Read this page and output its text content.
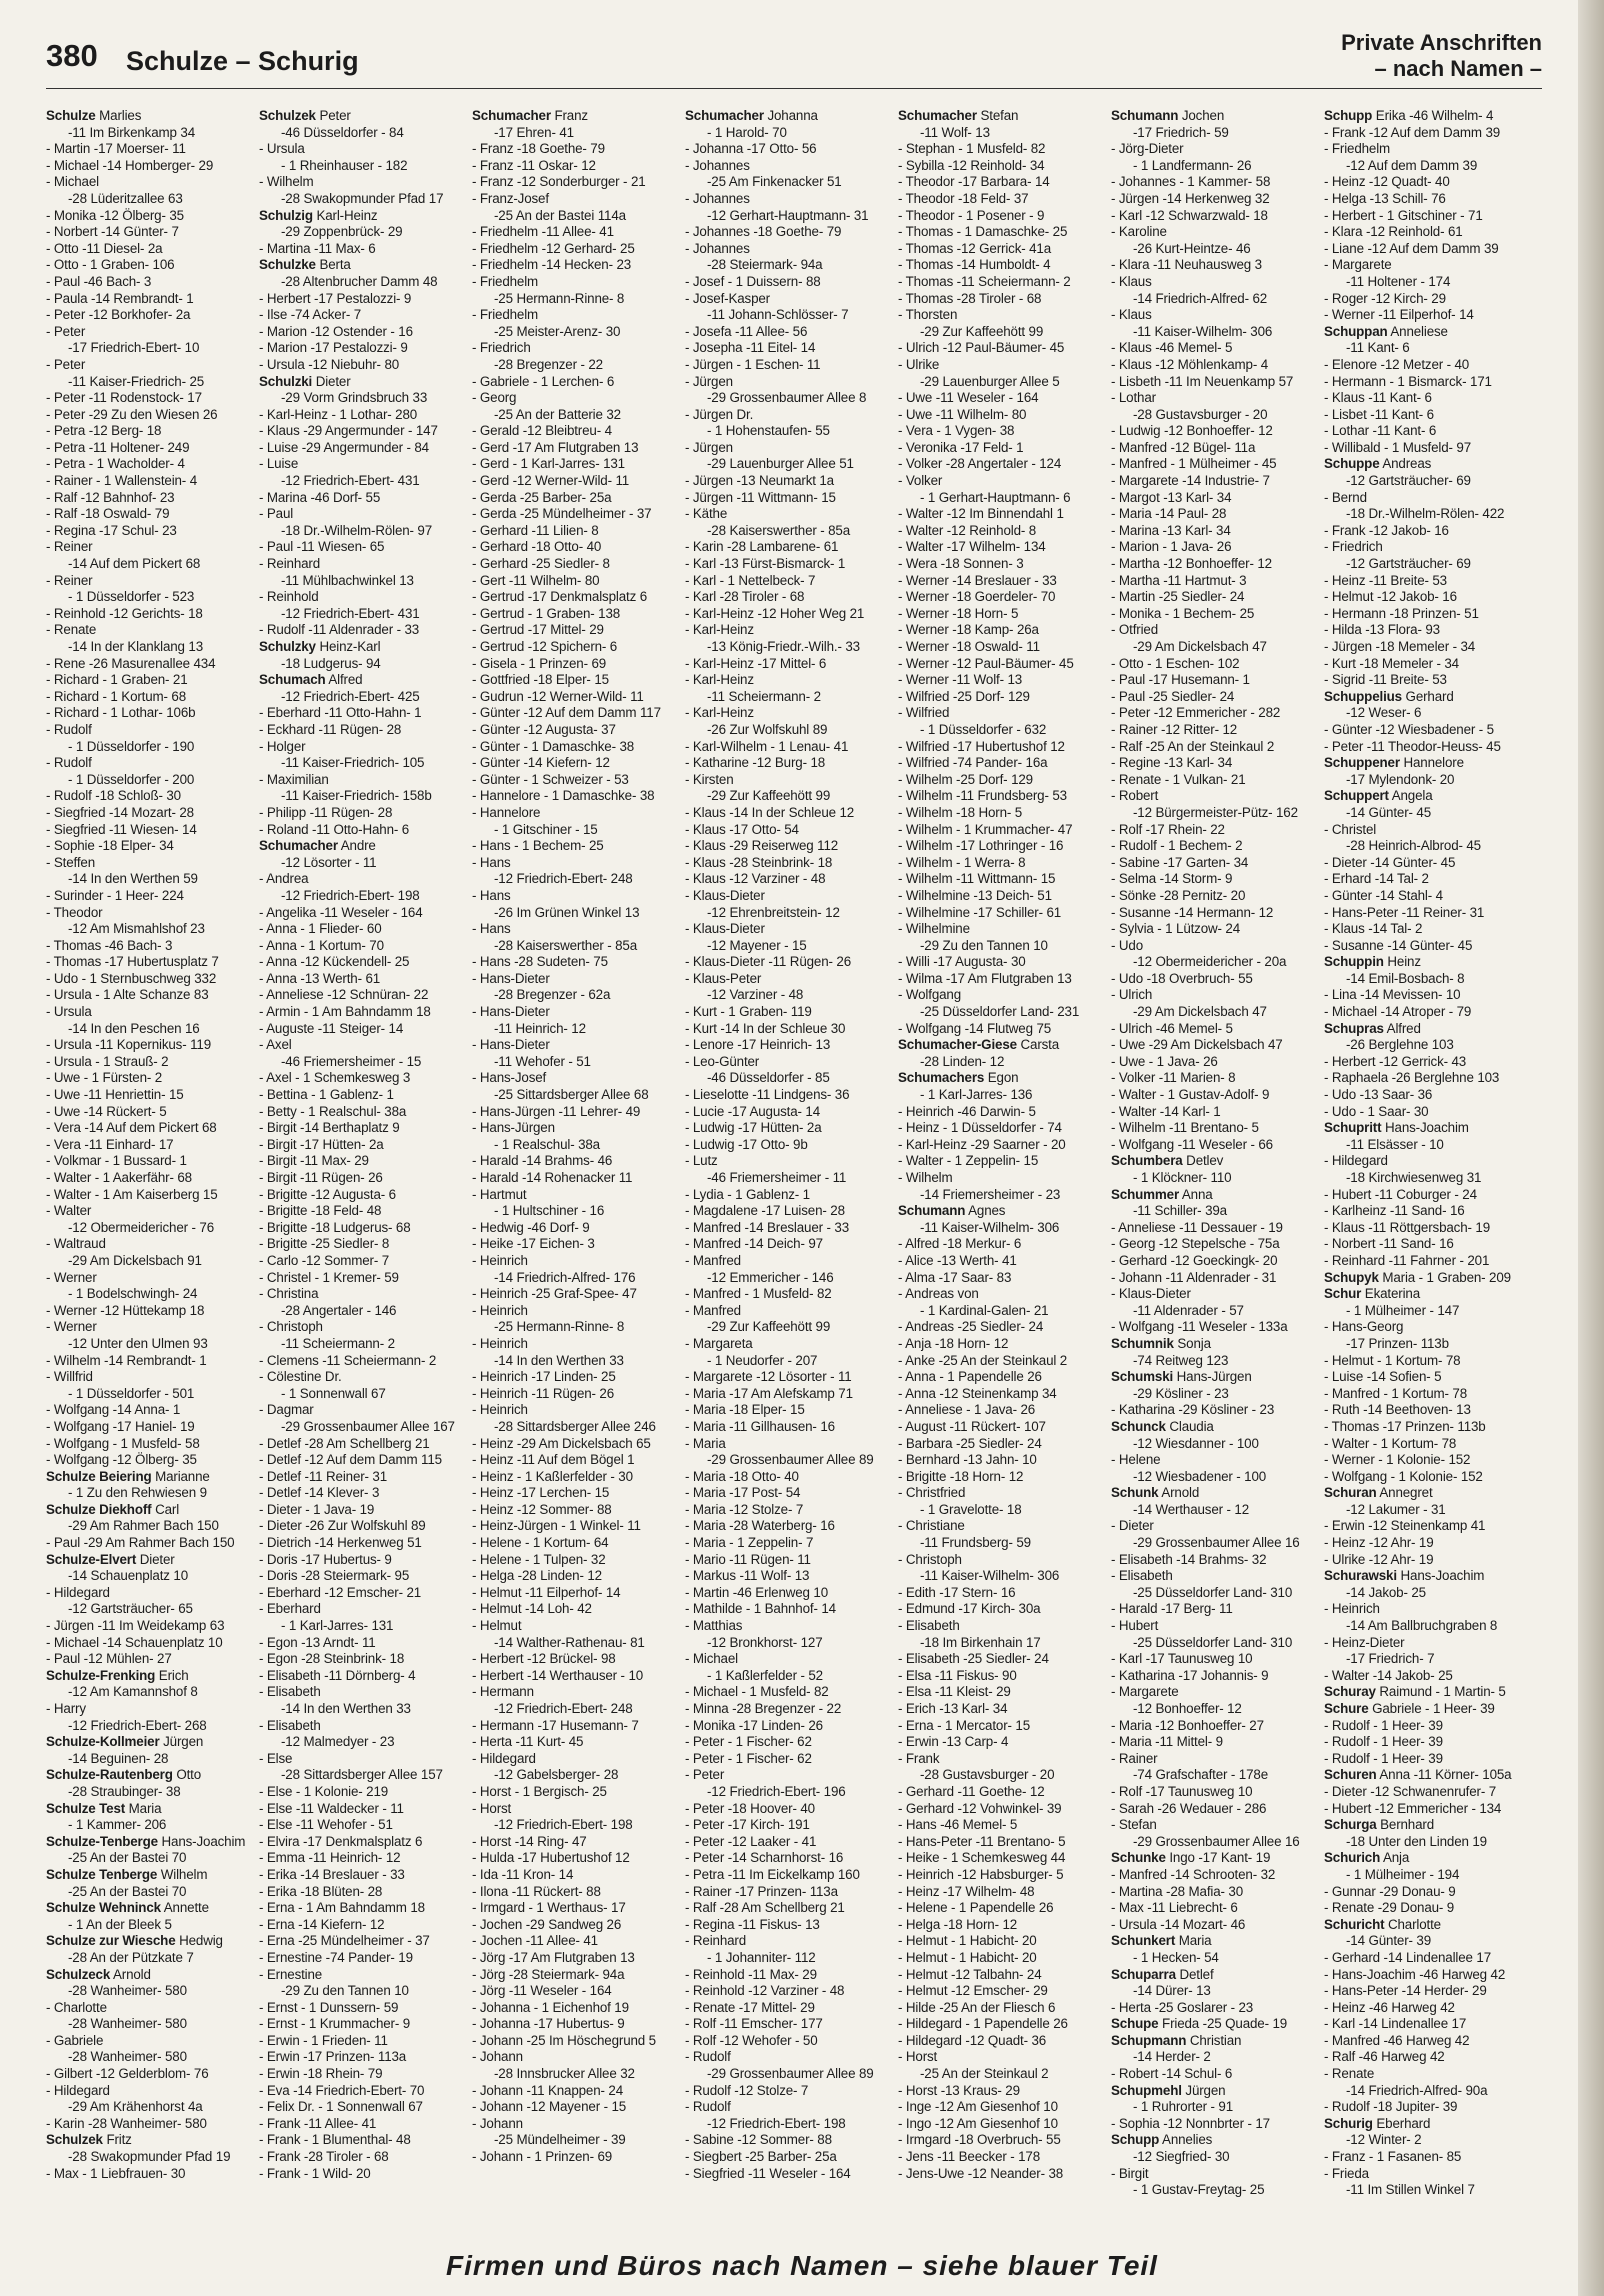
380 Schulze – Schurig
Private Anschriften
– nach Namen –
Schulze Marlies
-11 Im Birkenkamp 34
- Martin -17 Moerser- 11
- Michael -14 Homberger- 29
- Michael
-28 Lüderitzallee 63
- Monika -12 Ölberg- 35
- Norbert -14 Günter- 7
- Otto -11 Diesel- 2a
- Otto - 1 Graben- 106
- Paul -46 Bach- 3
- Paula -14 Rembrandt- 1
- Peter -12 Borkhofer- 2a
- Peter
-17 Friedrich-Ebert- 10
- Peter
-11 Kaiser-Friedrich- 25
- Peter -11 Rodenstock- 17
- Peter -29 Zu den Wiesen 26
- Petra -12 Berg- 18
- Petra -11 Holtener- 249
- Petra - 1 Wacholder- 4
- Rainer - 1 Wallenstein- 4
- Ralf -12 Bahnhof- 23
- Ralf -18 Oswald- 79
- Regina -17 Schul- 23
- Reiner
-14 Auf dem Pickert 68
- Reiner
- 1 Düsseldorfer - 523
- Reinhold -12 Gerichts- 18
- Renate
-14 In der Klanklang 13
- Rene -26 Masurenallee 434
- Richard - 1 Graben- 21
- Richard - 1 Kortum- 68
- Richard - 1 Lothar- 106b
- Rudolf
- 1 Düsseldorfer - 190
- Rudolf
- 1 Düsseldorfer - 200
- Rudolf -18 Schloß- 30
- Siegfried -14 Mozart- 28
- Siegfried -11 Wiesen- 14
- Sophie -18 Elper- 34
- Steffen
-14 In den Werthen 59
- Surinder - 1 Heer- 224
- Theodor
-12 Am Mismahlshof 23
- Thomas -46 Bach- 3
- Thomas -17 Hubertusplatz 7
- Udo - 1 Sternbuschweg 332
- Ursula - 1 Alte Schanze 83
- Ursula
-14 In den Peschen 16
- Ursula -11 Kopernikus- 119
- Ursula - 1 Strauß- 2
- Uwe - 1 Fürsten- 2
- Uwe -11 Henriettin- 15
- Uwe -14 Rückert- 5
- Vera -14 Auf dem Pickert 68
- Vera -11 Einhard- 17
- Volkmar - 1 Bussard- 1
- Walter - 1 Aakerfähr- 68
- Walter - 1 Am Kaiserberg 15
- Walter
-12 Obermeidericher - 76
- Waltraud
-29 Am Dickelsbach 91
- Werner
- 1 Bodelschwingh- 24
- Werner -12 Hüttekamp 18
- Werner
-12 Unter den Ulmen 93
- Wilhelm -14 Rembrandt- 1
- Willfrid
- 1 Düsseldorfer - 501
- Wolfgang -14 Anna- 1
- Wolfgang -17 Haniel- 19
- Wolfgang - 1 Musfeld- 58
- Wolfgang -12 Ölberg- 35
Schulze Beiering Marianne
- 1 Zu den Rehwiesen 9
Schulze Diekhoff Carl
-29 Am Rahmer Bach 150
- Paul -29 Am Rahmer Bach 150
Schulze-Elvert Dieter
-14 Schauenplatz 10
- Hildegard
-12 Gartsträucher- 65
- Jürgen -11 Im Weidekamp 63
- Michael -14 Schauenplatz 10
- Paul -12 Mühlen- 27
Schulze-Frenking Erich
-12 Am Kamannshof 8
- Harry
-12 Friedrich-Ebert- 268
Schulze-Kollmeier Jürgen
-14 Beguinen- 28
Schulze-Rautenberg Otto
-28 Straubinger- 38
Schulze Test Maria
- 1 Kammer- 206
Schulze-Tenberge Hans-Joachim
-25 An der Bastei 70
Schulze Tenberge Wilhelm
-25 An der Bastei 70
Schulze Wehninck Annette
- 1 An der Bleek 5
Schulze zur Wiesche Hedwig
-28 An der Pützkate 7
Schulzeck Arnold
-28 Wanheimer- 580
- Charlotte
-28 Wanheimer- 580
- Gabriele
-28 Wanheimer- 580
- Gilbert -12 Gelderblom- 76
- Hildegard
-29 Am Krähenhorst 4a
- Karin -28 Wanheimer- 580
Schulzek Fritz
-28 Swakopmunder Pfad 19
- Max - 1 Liebfrauen- 30
Schulzek Peter
-46 Düsseldorfer - 84
- Ursula
- 1 Rheinhauser - 182
- Wilhelm
-28 Swakopmunder Pfad 17
Schulzig Karl-Heinz
-29 Zoppenbrück- 29
- Martina -11 Max- 6
Schulzke Berta
-28 Altenbrucher Damm 48
- Herbert -17 Pestalozzi- 9
- Ilse -74 Acker- 7
- Marion -12 Ostender - 16
- Marion -17 Pestalozzi- 9
- Ursula -12 Niebuhr- 80
Schulzki Dieter
-29 Vorm Grindsbruch 33
- Karl-Heinz - 1 Lothar- 280
- Klaus -29 Angermunder - 147
- Luise -29 Angermunder - 84
- Luise
-12 Friedrich-Ebert- 431
- Marina -46 Dorf- 55
- Paul
-18 Dr.-Wilhelm-Rölen- 97
- Paul -11 Wiesen- 65
- Reinhard
-11 Mühlbachwinkel 13
- Reinhold
-12 Friedrich-Ebert- 431
- Rudolf -11 Aldenrader - 33
Schulzky Heinz-Karl
-18 Ludgerus- 94
Schumach Alfred
-12 Friedrich-Ebert- 425
- Eberhard -11 Otto-Hahn- 1
- Eckhard -11 Rügen- 28
- Holger
-11 Kaiser-Friedrich- 105
- Maximilian
-11 Kaiser-Friedrich- 158b
- Philipp -11 Rügen- 28
- Roland -11 Otto-Hahn- 6
Schumacher Andre
-12 Lösorter - 11
- Andrea
-12 Friedrich-Ebert- 198
- Angelika -11 Weseler - 164
- Anna - 1 Flieder- 60
- Anna - 1 Kortum- 70
- Anna -12 Kückendell- 25
- Anna -13 Werth- 61
- Anneliese -12 Schnüran- 22
- Armin - 1 Am Bahndamm 18
- Auguste -11 Steiger- 14
- Axel
-46 Friemersheimer - 15
- Axel - 1 Schemkesweg 3
- Bettina - 1 Gablenz- 1
- Betty - 1 Realschul- 38a
- Birgit -14 Berthaplatz 9
- Birgit -17 Hütten- 2a
- Birgit -11 Max- 29
- Birgit -11 Rügen- 26
- Brigitte -12 Augusta- 6
- Brigitte -18 Feld- 48
- Brigitte -18 Ludgerus- 68
- Brigitte -25 Siedler- 8
- Carlo -12 Sommer- 7
- Christel - 1 Kremer- 59
- Christina
-28 Angertaler - 146
- Christoph
-11 Scheiermann- 2
- Clemens -11 Scheiermann- 2
- Cölestine Dr.
- 1 Sonnenwall 67
- Dagmar
-29 Grossenbaumer Allee 167
- Detlef -28 Am Schellberg 21
- Detlef -12 Auf dem Damm 115
- Detlef -11 Reiner- 31
- Detlef -14 Klever- 3
- Dieter - 1 Java- 19
- Dieter -26 Zur Wolfskuhl 89
- Dietrich -14 Herkenweg 51
- Doris -17 Hubertus- 9
- Doris -28 Steiermark- 95
- Eberhard -12 Emscher- 21
- Eberhard
- 1 Karl-Jarres- 131
- Egon -13 Arndt- 11
- Egon -28 Steinbrink- 18
- Elisabeth -11 Dörnberg- 4
- Elisabeth
-14 In den Werthen 33
- Elisabeth
-12 Malmedyer - 23
- Else
-28 Sittardsberger Allee 157
- Else - 1 Kolonie- 219
- Else -11 Waldecker - 11
- Else -11 Wehofer - 51
- Elvira -17 Denkmalsplatz 6
- Emma -11 Heinrich- 12
- Erika -14 Breslauer - 33
- Erika -18 Blüten- 28
- Erna - 1 Am Bahndamm 18
- Erna -14 Kiefern- 12
- Erna -25 Mündelheimer - 37
- Ernestine -74 Pander- 19
- Ernestine
-29 Zu den Tannen 10
- Ernst - 1 Dunssern- 59
- Ernst - 1 Krummacher- 9
- Erwin - 1 Frieden- 11
- Erwin -17 Prinzen- 113a
- Erwin -18 Rhein- 79
- Eva -14 Friedrich-Ebert- 70
- Felix Dr. - 1 Sonnenwall 67
- Frank -11 Allee- 41
- Frank - 1 Blumenthal- 48
- Frank -28 Tiroler - 68
- Frank - 1 Wild- 20
Schumacher Franz
-17 Ehren- 41
- Franz -18 Goethe- 79
- Franz -11 Oskar- 12
- Franz -12 Sonderburger - 21
- Franz-Josef
-25 An der Bastei 114a
- Friedhelm -11 Allee- 41
- Friedhelm -12 Gerhard- 25
- Friedhelm -14 Hecken- 23
- Friedhelm
-25 Hermann-Rinne- 8
- Friedhelm
-25 Meister-Arenz- 30
- Friedrich
-28 Bregenzer - 22
- Gabriele - 1 Lerchen- 6
- Georg
-25 An der Batterie 32
- Gerald -12 Bleibtreu- 4
- Gerd -17 Am Flutgraben 13
- Gerd - 1 Karl-Jarres- 131
- Gerd -12 Werner-Wild- 11
- Gerda -25 Barber- 25a
- Gerda -25 Mündelheimer - 37
- Gerhard -11 Lilien- 8
- Gerhard -18 Otto- 40
- Gerhard -25 Siedler- 8
- Gert -11 Wilhelm- 80
- Gertrud -17 Denkmalsplatz 6
- Gertrud - 1 Graben- 138
- Gertrud -17 Mittel- 29
- Gertrud -12 Spichern- 6
- Gisela - 1 Prinzen- 69
- Gottfried -18 Elper- 15
- Gudrun -12 Werner-Wild- 11
- Günter -12 Auf dem Damm 117
- Günter -12 Augusta- 37
- Günter - 1 Damaschke- 38
- Günter -14 Kiefern- 12
- Günter - 1 Schweizer - 53
- Hannelore - 1 Damaschke- 38
- Hannelore
- 1 Gitschiner - 15
- Hans - 1 Bechem- 25
- Hans
-12 Friedrich-Ebert- 248
- Hans
-26 Im Grünen Winkel 13
- Hans
-28 Kaiserswerther - 85a
- Hans -28 Sudeten- 75
- Hans-Dieter
-28 Bregenzer - 62a
- Hans-Dieter
-11 Heinrich- 12
- Hans-Dieter
-11 Wehofer - 51
- Hans-Josef
-25 Sittardsberger Allee 68
- Hans-Jürgen -11 Lehrer- 49
- Hans-Jürgen
- 1 Realschul- 38a
- Harald -14 Brahms- 46
- Harald -14 Rohenacker 11
- Hartmut
- 1 Hultschiner - 16
- Hedwig -46 Dorf- 9
- Heike -17 Eichen- 3
- Heinrich
-14 Friedrich-Alfred- 176
- Heinrich -25 Graf-Spee- 47
- Heinrich
-25 Hermann-Rinne- 8
- Heinrich
-14 In den Werthen 33
- Heinrich -17 Linden- 25
- Heinrich -11 Rügen- 26
- Heinrich
-28 Sittardsberger Allee 246
- Heinz -29 Am Dickelsbach 65
- Heinz -11 Auf dem Bögel 1
- Heinz - 1 Kaßlerfelder - 30
- Heinz -17 Lerchen- 15
- Heinz -12 Sommer- 88
- Heinz-Jürgen - 1 Winkel- 11
- Helene - 1 Kortum- 64
- Helene - 1 Tulpen- 32
- Helga -28 Linden- 12
- Helmut -11 Eilperhof- 14
- Helmut -14 Loh- 42
- Helmut
-14 Walther-Rathenau- 81
- Herbert -12 Brückel- 98
- Herbert -14 Werthauser - 10
- Hermann
-12 Friedrich-Ebert- 248
- Hermann -17 Husemann- 7
- Herta -11 Kurt- 45
- Hildegard
-12 Gabelsberger- 28
- Horst - 1 Bergisch- 25
- Horst
-12 Friedrich-Ebert- 198
- Horst -14 Ring- 47
- Hulda -17 Hubertushof 12
- Ida -11 Kron- 14
- Ilona -11 Rückert- 88
- Irmgard - 1 Werthaus- 17
- Jochen -29 Sandweg 26
- Jochen -11 Allee- 41
- Jörg -17 Am Flutgraben 13
- Jörg -28 Steiermark- 94a
- Jörg -11 Weseler - 164
- Johanna - 1 Eichenhof 19
- Johanna -17 Hubertus- 9
- Johann -25 Im Höschegrund 5
- Johann
-28 Innsbrucker Allee 32
- Johann -11 Knappen- 24
- Johann -12 Mayener - 15
- Johann
-25 Mündelheimer - 39
- Johann - 1 Prinzen- 69
Schumacher Johanna
- 1 Harold- 70
- Johanna -17 Otto- 56
- Johannes
-25 Am Finkenacker 51
- Johannes
-12 Gerhart-Hauptmann- 31
- Johannes -18 Goethe- 79
- Johannes
-28 Steiermark- 94a
- Josef - 1 Duissern- 88
- Josef-Kasper
-11 Johann-Schlösser- 7
- Josefa -11 Allee- 56
- Josepha -11 Eitel- 14
- Jürgen - 1 Eschen- 11
- Jürgen
-29 Grossenbaumer Allee 8
- Jürgen Dr.
- 1 Hohenstaufen- 55
- Jürgen
-29 Lauenburger Allee 51
- Jürgen -13 Neumarkt 1a
- Jürgen -11 Wittmann- 15
- Käthe
-28 Kaiserswerther - 85a
- Karin -28 Lambarene- 61
- Karl -13 Fürst-Bismarck- 1
- Karl - 1 Nettelbeck- 7
- Karl -28 Tiroler - 68
- Karl-Heinz -12 Hoher Weg 21
- Karl-Heinz
-13 König-Friedr.-Wilh.- 33
- Karl-Heinz -17 Mittel- 6
- Karl-Heinz
-11 Scheiermann- 2
- Karl-Heinz
-26 Zur Wolfskuhl 89
- Karl-Wilhelm - 1 Lenau- 41
- Katharine -12 Burg- 18
- Kirsten
-29 Zur Kaffeehött 99
- Klaus -14 In der Schleue 12
- Klaus -17 Otto- 54
- Klaus -29 Reiserweg 112
- Klaus -28 Steinbrink- 18
- Klaus -12 Varziner - 48
- Klaus-Dieter
-12 Ehrenbreitstein- 12
- Klaus-Dieter
-12 Mayener - 15
- Klaus-Dieter -11 Rügen- 26
- Klaus-Peter
-12 Varziner - 48
- Kurt - 1 Graben- 119
- Kurt -14 In der Schleue 30
- Lenore -17 Heinrich- 13
- Leo-Günter
-46 Düsseldorfer - 85
- Lieselotte -11 Lindgens- 36
- Lucie -17 Augusta- 14
- Ludwig -17 Hütten- 2a
- Ludwig -17 Otto- 9b
- Lutz
-46 Friemersheimer - 11
- Lydia - 1 Gablenz- 1
- Magdalene -17 Luisen- 28
- Manfred -14 Breslauer - 33
- Manfred -14 Deich- 97
- Manfred
-12 Emmericher - 146
- Manfred - 1 Musfeld- 82
- Manfred
-29 Zur Kaffeehött 99
- Margareta
- 1 Neudorfer - 207
- Margarete -12 Lösorter - 11
- Maria -17 Am Alefskamp 71
- Maria -18 Elper- 15
- Maria -11 Gillhausen- 16
- Maria
-29 Grossenbaumer Allee 89
- Maria -18 Otto- 40
- Maria -17 Post- 54
- Maria -12 Stolze- 7
- Maria -28 Waterberg- 16
- Maria - 1 Zeppelin- 7
- Mario -11 Rügen- 11
- Markus -11 Wolf- 13
- Martin -46 Erlenweg 10
- Mathilde - 1 Bahnhof- 14
- Matthias
-12 Bronkhorst- 127
- Michael
- 1 Kaßlerfelder - 52
- Michael - 1 Musfeld- 82
- Minna -28 Bregenzer - 22
- Monika -17 Linden- 26
- Peter - 1 Fischer- 62
- Peter - 1 Fischer- 62
- Peter
-12 Friedrich-Ebert- 196
- Peter -18 Hoover- 40
- Peter -17 Kirch- 191
- Peter -12 Laaker - 41
- Peter -14 Scharnhorst- 16
- Petra -11 Im Eickelkamp 160
- Rainer -17 Prinzen- 113a
- Ralf -28 Am Schellberg 21
- Regina -11 Fiskus- 13
- Reinhard
- 1 Johanniter- 112
- Reinhold -11 Max- 29
- Reinhold -12 Varziner - 48
- Renate -17 Mittel- 29
- Rolf -11 Emscher- 177
- Rolf -12 Wehofer - 50
- Rudolf
-29 Grossenbaumer Allee 89
- Rudolf -12 Stolze- 7
- Rudolf
-12 Friedrich-Ebert- 198
- Sabine -12 Sommer- 88
- Siegbert -25 Barber- 25a
- Siegfried -11 Weseler - 164
Schumacher Stefan
-11 Wolf- 13
- Stephan - 1 Musfeld- 82
- Sybilla -12 Reinhold- 34
- Theodor -17 Barbara- 14
- Theodor -18 Feld- 37
- Theodor - 1 Posener - 9
- Thomas - 1 Damaschke- 25
- Thomas -12 Gerrick- 41a
- Thomas -14 Humboldt- 4
- Thomas -11 Scheiermann- 2
- Thomas -28 Tiroler - 68
- Thorsten
-29 Zur Kaffeehött 99
- Ulrich -12 Paul-Bäumer- 45
- Ulrike
-29 Lauenburger Allee 5
- Uwe -11 Weseler - 164
- Uwe -11 Wilhelm- 80
- Vera - 1 Vygen- 38
- Veronika -17 Feld- 1
- Volker -28 Angertaler - 124
- Volker
- 1 Gerhart-Hauptmann- 6
- Walter -12 Im Binnendahl 1
- Walter -12 Reinhold- 8
- Walter -17 Wilhelm- 134
- Wera -18 Sonnen- 3
- Werner -14 Breslauer - 33
- Werner -18 Goerdeler- 70
- Werner -18 Horn- 5
- Werner -18 Kamp- 26a
- Werner -18 Oswald- 11
- Werner -12 Paul-Bäumer- 45
- Werner -11 Wolf- 13
- Wilfried -25 Dorf- 129
- Wilfried
- 1 Düsseldorfer - 632
- Wilfried -17 Hubertushof 12
- Wilfried -74 Pander- 16a
- Wilhelm -25 Dorf- 129
- Wilhelm -11 Frundsberg- 53
- Wilhelm -18 Horn- 5
- Wilhelm - 1 Krummacher- 47
- Wilhelm -17 Lothringer - 16
- Wilhelm - 1 Werra- 8
- Wilhelm -11 Wittmann- 15
- Wilhelmine -13 Deich- 51
- Wilhelmine -17 Schiller- 61
- Wilhelmine
-29 Zu den Tannen 10
- Willi -17 Augusta- 30
- Wilma -17 Am Flutgraben 13
- Wolfgang
-25 Düsseldorfer Land- 231
- Wolfgang -14 Flutweg 75
Schumacher-Giese Carsta
-28 Linden- 12
Schumachers Egon
- 1 Karl-Jarres- 136
- Heinrich -46 Darwin- 5
- Heinz - 1 Düsseldorfer - 74
- Karl-Heinz -29 Saarner - 20
- Walter - 1 Zeppelin- 15
- Wilhelm
-14 Friemersheimer - 23
Schumann Agnes
-11 Kaiser-Wilhelm- 306
- Alfred -18 Merkur- 6
- Alice -13 Werth- 41
- Alma -17 Saar- 83
- Andreas von
- 1 Kardinal-Galen- 21
- Andreas -25 Siedler- 24
- Anja -18 Horn- 12
- Anke -25 An der Steinkaul 2
- Anna - 1 Papendelle 26
- Anna -12 Steinenkamp 34
- Anneliese - 1 Java- 26
- August -11 Rückert- 107
- Barbara -25 Siedler- 24
- Bernhard -13 Jahn- 10
- Brigitte -18 Horn- 12
- Christfried
- 1 Gravelotte- 18
- Christiane
-11 Frundsberg- 59
- Christoph
-11 Kaiser-Wilhelm- 306
- Edith -17 Stern- 16
- Edmund -17 Kirch- 30a
- Elisabeth
-18 Im Birkenhain 17
- Elisabeth -25 Siedler- 24
- Elsa -11 Fiskus- 90
- Elsa -11 Kleist- 29
- Erich -13 Karl- 34
- Erna - 1 Mercator- 15
- Erwin -13 Carp- 4
- Frank
-28 Gustavsburger - 20
- Gerhard -11 Goethe- 12
- Gerhard -12 Vohwinkel- 39
- Hans -46 Memel- 5
- Hans-Peter -11 Brentano- 5
- Heike - 1 Schemkesweg 44
- Heinrich -12 Habsburger- 5
- Heinz -17 Wilhelm- 48
- Helene - 1 Papendelle 26
- Helga -18 Horn- 12
- Helmut - 1 Habicht- 20
- Helmut - 1 Habicht- 20
- Helmut -12 Talbahn- 24
- Helmut -12 Emscher- 29
- Hilde -25 An der Fliesch 6
- Hildegard - 1 Papendelle 26
- Hildegard -12 Quadt- 36
- Horst
-25 An der Steinkaul 2
- Horst -13 Kraus- 29
- Inge -12 Am Giesenhof 10
- Ingo -12 Am Giesenhof 10
- Irmgard -18 Overbruch- 55
- Jens -11 Beecker - 178
- Jens-Uwe -12 Neander- 38
Schumann Jochen
-17 Friedrich- 59
- Jörg-Dieter
- 1 Landfermann- 26
- Johannes - 1 Kammer- 58
- Jürgen -14 Herkenweg 32
- Karl -12 Schwarzwald- 18
- Karoline
-26 Kurt-Heintze- 46
- Klara -11 Neuhausweg 3
- Klaus
-14 Friedrich-Alfred- 62
- Klaus
-11 Kaiser-Wilhelm- 306
- Klaus -46 Memel- 5
- Klaus -12 Möhlenkamp- 4
- Lisbeth -11 Im Neuenkamp 57
- Lothar
-28 Gustavsburger - 20
- Ludwig -12 Bonhoeffer- 12
- Manfred -12 Bügel- 11a
- Manfred - 1 Mülheimer - 45
- Margarete -14 Industrie- 7
- Margot -13 Karl- 34
- Maria -14 Paul- 28
- Marina -13 Karl- 34
- Marion - 1 Java- 26
- Martha -12 Bonhoeffer- 12
- Martha -11 Hartmut- 3
- Martin -25 Siedler- 24
- Monika - 1 Bechem- 25
- Otfried
-29 Am Dickelsbach 47
- Otto - 1 Eschen- 102
- Paul -17 Husemann- 1
- Paul -25 Siedler- 24
- Peter -12 Emmericher - 282
- Rainer -12 Ritter- 12
- Ralf -25 An der Steinkaul 2
- Regine -13 Karl- 34
- Renate - 1 Vulkan- 21
- Robert
-12 Bürgermeister-Pütz- 162
- Rolf -17 Rhein- 22
- Rudolf - 1 Bechem- 2
- Sabine -17 Garten- 34
- Selma -14 Storm- 9
- Sönke -28 Pernitz- 20
- Susanne -14 Hermann- 12
- Sylvia - 1 Lützow- 24
- Udo
-12 Obermeidericher - 20a
- Udo -18 Overbruch- 55
- Ulrich
-29 Am Dickelsbach 47
- Ulrich -46 Memel- 5
- Uwe -29 Am Dickelsbach 47
- Uwe - 1 Java- 26
- Volker -11 Marien- 8
- Walter - 1 Gustav-Adolf- 9
- Walter -14 Karl- 1
- Wilhelm -11 Brentano- 5
- Wolfgang -11 Weseler - 66
Schumbera Detlev
- 1 Klöckner- 110
Schummer Anna
-11 Schiller- 39a
- Anneliese -11 Dessauer - 19
- Georg -12 Stepelsche - 75a
- Gerhard -12 Goeckingk- 20
- Johann -11 Aldenrader - 31
- Klaus-Dieter
-11 Aldenrader - 57
- Wolfgang -11 Weseler - 133a
Schumnik Sonja
-74 Reitweg 123
Schumski Hans-Jürgen
-29 Kösliner - 23
- Katharina -29 Kösliner - 23
Schunck Claudia
-12 Wiesdanner - 100
- Helene
-12 Wiesbadener - 100
Schunk Arnold
-14 Werthauser - 12
- Dieter
-29 Grossenbaumer Allee 16
- Elisabeth -14 Brahms- 32
- Elisabeth
-25 Düsseldorfer Land- 310
- Harald -17 Berg- 11
- Hubert
-25 Düsseldorfer Land- 310
- Karl -17 Taunusweg 10
- Katharina -17 Johannis- 9
- Margarete
-12 Bonhoeffer- 12
- Maria -12 Bonhoeffer- 27
- Maria -11 Mittel- 9
- Rainer
-74 Grafschafter - 178e
- Rolf -17 Taunusweg 10
- Sarah -26 Wedauer - 286
- Stefan
-29 Grossenbaumer Allee 16
Schunke Ingo -17 Kant- 19
- Manfred -14 Schrooten- 32
- Martina -28 Mafia- 30
- Max -11 Liebrecht- 6
- Ursula -14 Mozart- 46
Schunkert Maria
- 1 Hecken- 54
Schuparra Detlef
-14 Dürer- 13
- Herta -25 Goslarer - 23
Schupe Frieda -25 Quade- 19
Schupmann Christian
-14 Herder- 2
- Robert -14 Schul- 6
Schupmehl Jürgen
- 1 Ruhrorter - 91
- Sophia -12 Nonnbrter - 17
Schupp Annelies
-12 Siegfried- 30
- Birgit
- 1 Gustav-Freytag- 25
Schupp Erika -46 Wilhelm- 4
- Frank -12 Auf dem Damm 39
- Friedhelm
-12 Auf dem Damm 39
- Heinz -12 Quadt- 40
- Helga -13 Schill- 76
- Herbert - 1 Gitschiner - 71
- Klara -12 Reinhold- 61
- Liane -12 Auf dem Damm 39
- Margarete
-11 Holtener - 174
- Roger -12 Kirch- 29
- Werner -11 Eilperhof- 14
Schuppan Anneliese
-11 Kant- 6
- Elenore -12 Metzer - 40
- Hermann - 1 Bismarck- 171
- Klaus -11 Kant- 6
- Lisbet -11 Kant- 6
- Lothar -11 Kant- 6
- Willibald - 1 Musfeld- 97
Schuppe Andreas
-12 Gartsträucher- 69
- Bernd
-18 Dr.-Wilhelm-Rölen- 422
- Frank -12 Jakob- 16
- Friedrich
-12 Gartsträucher- 69
- Heinz -11 Breite- 53
- Helmut -12 Jakob- 16
- Hermann -18 Prinzen- 51
- Hilda -13 Flora- 93
- Jürgen -18 Memeler - 34
- Kurt -18 Memeler - 34
- Sigrid -11 Breite- 53
Schuppelius Gerhard
-12 Weser- 6
- Günter -12 Wiesbadener - 5
- Peter -11 Theodor-Heuss- 45
Schuppener Hannelore
-17 Mylendonk- 20
Schuppert Angela
-14 Günter- 45
- Christel
-28 Heinrich-Albrod- 45
- Dieter -14 Günter- 45
- Erhard -14 Tal- 2
- Günter -14 Stahl- 4
- Hans-Peter -11 Reiner- 31
- Klaus -14 Tal- 2
- Susanne -14 Günter- 45
Schuppin Heinz
-14 Emil-Bosbach- 8
- Lina -14 Mevissen- 10
- Michael -14 Atroper - 79
Schupras Alfred
-26 Berglehne 103
- Herbert -12 Gerrick- 43
- Raphaela -26 Berglehne 103
- Udo -13 Saar- 36
- Udo - 1 Saar- 30
Schupritt Hans-Joachim
-11 Elsässer - 10
- Hildegard
-18 Kirchwiesenweg 31
- Hubert -11 Coburger - 24
- Karlheinz -11 Sand- 16
- Klaus -11 Röttgersbach- 19
- Norbert -11 Sand- 16
- Reinhard -11 Fahrner - 201
Schupyk Maria - 1 Graben- 209
Schur Ekaterina
- 1 Mülheimer - 147
- Hans-Georg
-17 Prinzen- 113b
- Helmut - 1 Kortum- 78
- Luise -14 Sofien- 5
- Manfred - 1 Kortum- 78
- Ruth -14 Beethoven- 13
- Thomas -17 Prinzen- 113b
- Walter - 1 Kortum- 78
- Werner - 1 Kolonie- 152
- Wolfgang - 1 Kolonie- 152
Schuran Annegret
-12 Lakumer - 31
- Erwin -12 Steinenkamp 41
- Heinz -12 Ahr- 19
- Ulrike -12 Ahr- 19
Schurawski Hans-Joachim
-14 Jakob- 25
- Heinrich
-14 Am Ballbruchgraben 8
- Heinz-Dieter
-17 Friedrich- 7
- Walter -14 Jakob- 25
Schuray Raimund - 1 Martin- 5
Schure Gabriele - 1 Heer- 39
- Rudolf - 1 Heer- 39
- Rudolf - 1 Heer- 39
- Rudolf - 1 Heer- 39
Schuren Anna -11 Körner- 105a
- Dieter -12 Schwanenrufer- 7
- Hubert -12 Emmericher - 134
Schurga Bernhard
-18 Unter den Linden 19
Schurich Anja
- 1 Mülheimer - 194
- Gunnar -29 Donau- 9
- Renate -29 Donau- 9
Schuricht Charlotte
-14 Günter- 39
- Gerhard -14 Lindenallee 17
- Hans-Joachim -46 Harweg 42
- Hans-Peter -14 Herder- 29
- Heinz -46 Harweg 42
- Karl -14 Lindenallee 17
- Manfred -46 Harweg 42
- Ralf -46 Harweg 42
- Renate
-14 Friedrich-Alfred- 90a
- Rudolf -18 Jupiter- 39
Schurig Eberhard
-12 Winter- 2
- Franz - 1 Fasanen- 85
- Frieda
-11 Im Stillen Winkel 7
Firmen und Büros nach Namen – siehe blauer Teil
